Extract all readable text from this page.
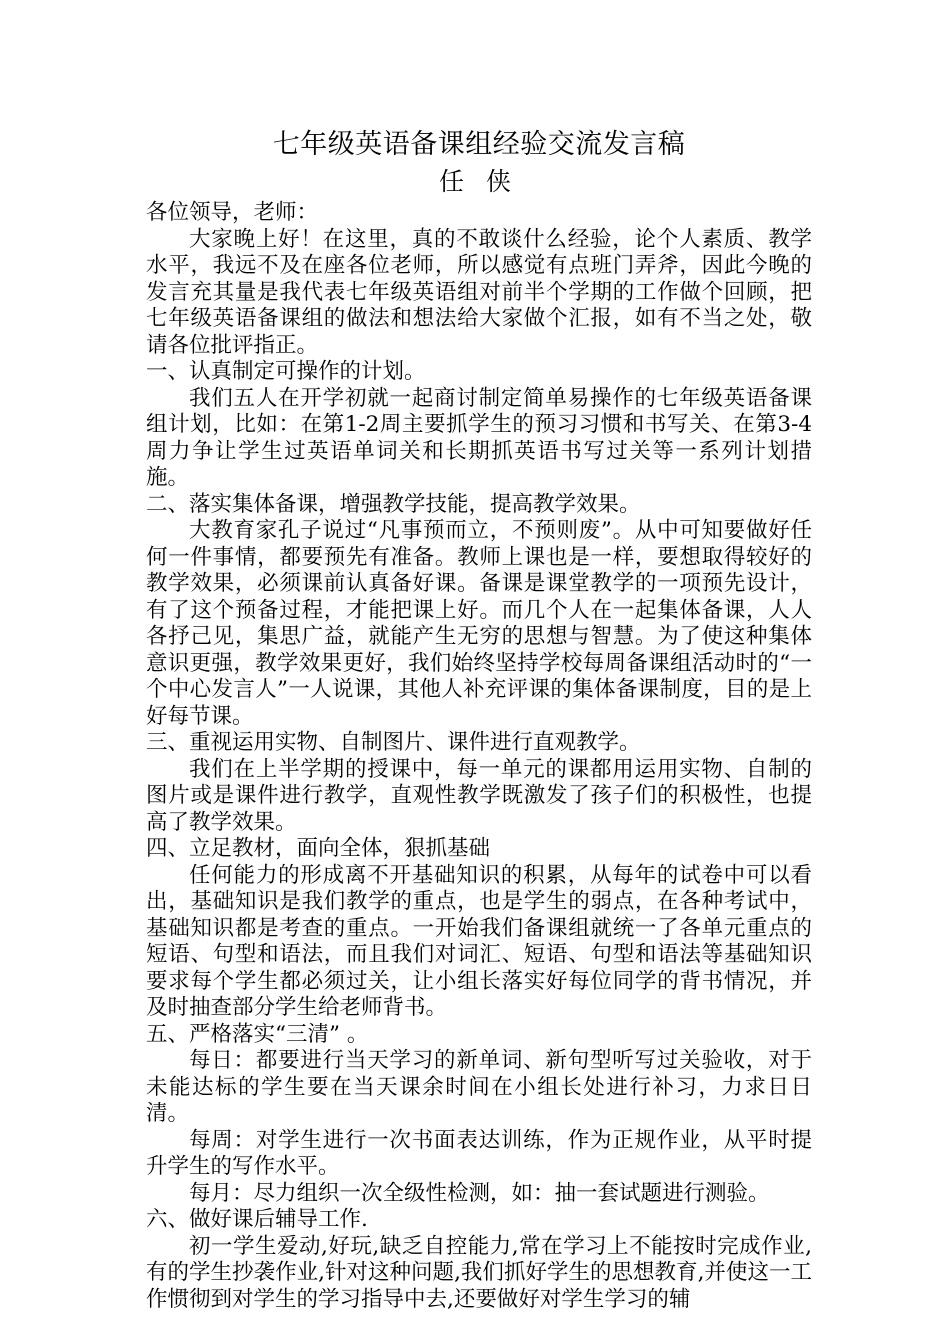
七年级英语备课组经验交流发言稿
任侠

各位领导，老师：

大家晚上好！在这里，真的不敢谈什么经验，论个人素质、教学水平，我远不及在座各位老师，所以感觉有点班门弄斧，因此今晚的发言充其量是我代表七年级英语组对前半个学期的工作做个回顾，把七年级英语备课组的做法和想法给大家做个汇报，如有不当之处，敬请各位批评指正。

一、认真制定可操作的计划。

我们五人在开学初就一起商讨制定简单易操作的七年级英语备课组计划，比如：在第1-2周主要抓学生的预习习惯和书写关、在第3-4周力争让学生过英语单词关和长期抓英语书写过关等一系列计划措施。

二、落实集体备课，增强教学技能，提高教学效果。

大教育家孔子说过“凡事预而立，不预则废”。从中可知要做好任何一件事情，都要预先有准备。教师上课也是一样，要想取得较好的教学效果，必须课前认真备好课。备课是课堂教学的一项预先设计，有了这个预备过程，才能把课上好。而几个人在一起集体备课，人人各抒己见，集思广益，就能产生无穷的思想与智慧。为了使这种集体意识更强，教学效果更好，我们始终坚持学校每周备课组活动时的“一个中心发言人”一人说课，其他人补充评课的集体备课制度，目的是上好每节课。

三、重视运用实物、自制图片、课件进行直观教学。

我们在上半学期的授课中，每一单元的课都用运用实物、自制的图片或是课件进行教学，直观性教学既激发了孩子们的积极性，也提高了教学效果。

四、立足教材，面向全体，狠抓基础

任何能力的形成离不开基础知识的积累，从每年的试卷中可以看出，基础知识是我们教学的重点，也是学生的弱点，在各种考试中，基础知识都是考查的重点。一开始我们备课组就统一了各单元重点的短语、句型和语法，而且我们对词汇、短语、句型和语法等基础知识要求每个学生都必须过关，让小组长落实好每位同学的背书情况，并及时抽查部分学生给老师背书。

五、严格落实“三清” 。

每日：都要进行当天学习的新单词、新句型听写过关验收，对于未能达标的学生要在当天课余时间在小组长处进行补习，力求日日清。

每周：对学生进行一次书面表达训练，作为正规作业，从平时提升学生的写作水平。

每月：尽力组织一次全级性检测，如：抽一套试题进行测验。

六、做好课后辅导工作.

初一学生爱动,好玩,缺乏自控能力,常在学习上不能按时完成作业,有的学生抄袭作业,针对这种问题,我们抓好学生的思想教育,并使这一工作惯彻到对学生的学习指导中去,还要做好对学生学习的辅
